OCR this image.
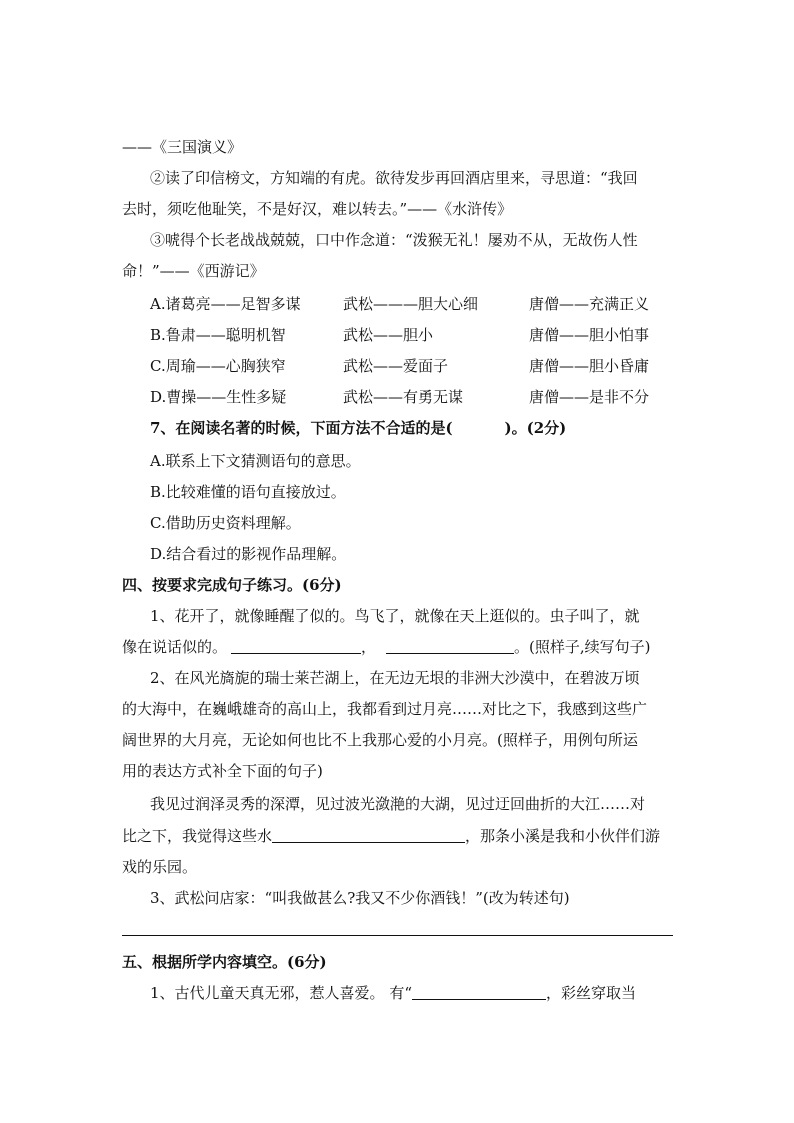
——《三国演义》
②读了印信榜文，方知端的有虎。欲待发步再回酒店里来，寻思道：“我回
去时，须吃他耻笑，不是好汉，难以转去。”——《水浒传》
③唬得个长老战战兢兢，口中作念道：“泼猴无礼！屡劝不从，无故伤人性
命！”——《西游记》
A.诸葛亮——足智多谋	武松———胆大心细	唐僧——充满正义
B.鲁肃——聪明机智	武松——胆小	唐僧——胆小怕事
C.周瑜——心胸狭窄	武松——爱面子	唐僧——胆小昏庸
D.曹操——生性多疑	武松——有勇无谋	唐僧——是非不分
7、在阅读名著的时候，下面方法不合适的是(	)。(2分)
A.联系上下文猜测语句的意思。
B.比较难懂的语句直接放过。
C.借助历史资料理解。
D.结合看过的影视作品理解。
四、按要求完成句子练习。(6分)
1、花开了，就像睡醒了似的。鸟飞了，就像在天上逛似的。虫子叫了，就
像在说话似的。	，	。(照样子,续写句子)
2、在风光旖旎的瑞士莱芒湖上，在无边无垠的非洲大沙漠中，在碧波万顷
的大海中，在巍峨雄奇的高山上，我都看到过月亮……对比之下，我感到这些广
阔世界的大月亮，无论如何也比不上我那心爱的小月亮。(照样子，用例句所运
用的表达方式补全下面的句子)
我见过润泽灵秀的深潭，见过波光潋滟的大湖，见过迂回曲折的大江……对
比之下，我觉得这些水	，那条小溪是我和小伙伴们游
戏的乐园。
3、武松问店家：“叫我做甚么?我又不少你酒钱！”(改为转述句)
五、根据所学内容填空。(6分)
1、古代儿童天真无邪，惹人喜爱。 有“	，彩丝穿取当
